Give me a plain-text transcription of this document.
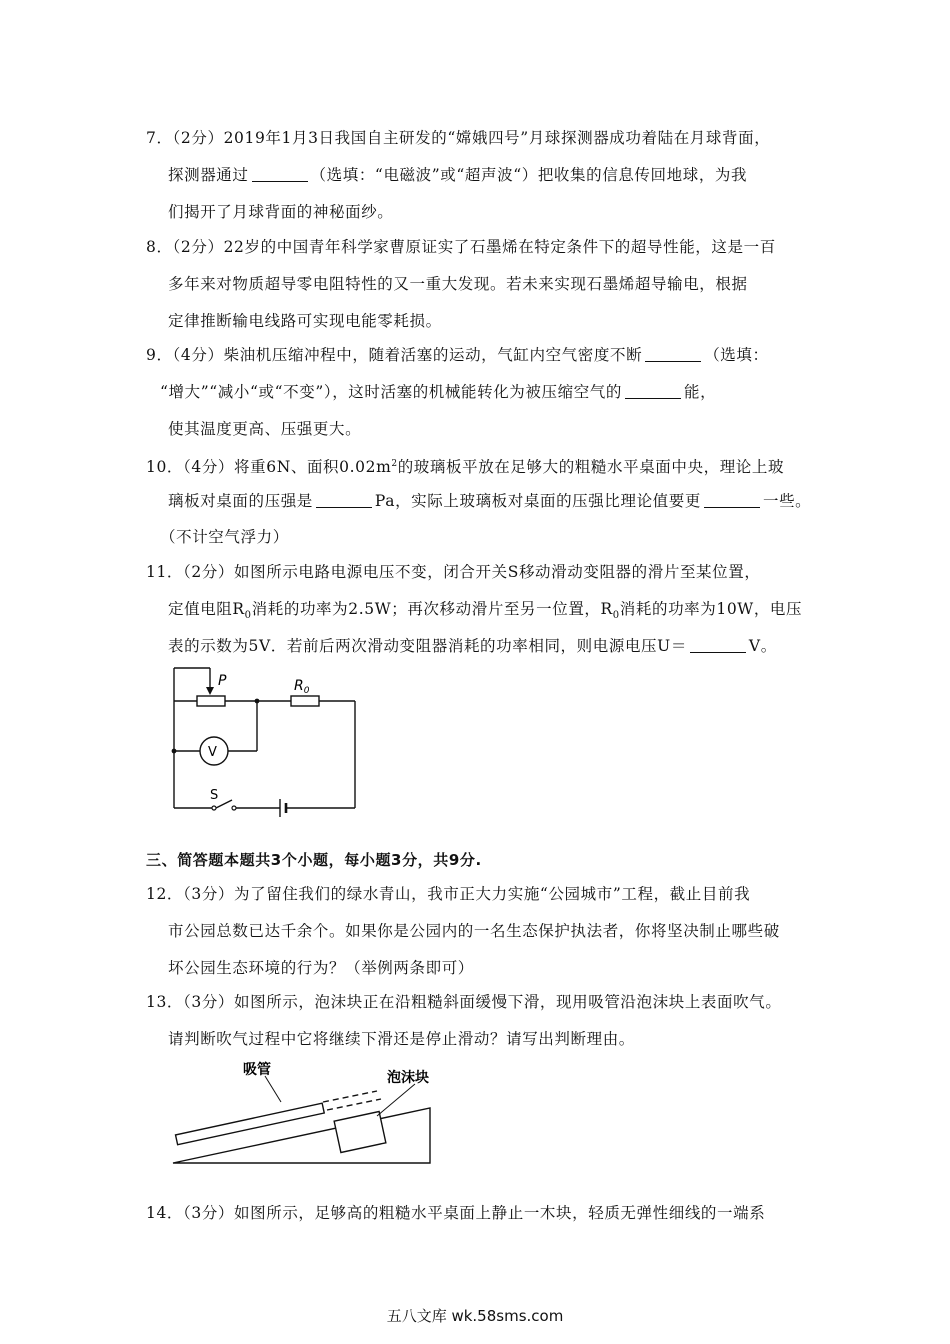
7．（2分）2019年1月3日我国自主研发的“嫦娥四号”月球探测器成功着陆在月球背面，
探测器通过	（选填：“电磁波”或“超声波“）把收集的信息传回地球，为我
们揭开了月球背面的神秘面纱。
8．（2分）22岁的中国青年科学家曹原证实了石墨烯在特定条件下的超导性能，这是一百
多年来对物质超导零电阻特性的又一重大发现。若未来实现石墨烯超导输电，根据
定律推断输电线路可实现电能零耗损。
9．（4分）柴油机压缩冲程中，随着活塞的运动，气缸内空气密度不断	（选填：
“增大”“减小“或“不变”），这时活塞的机械能转化为被压缩空气的	能，
使其温度更高、压强更大。
10．（4分）将重6N、面积$0.02m^2$的玻璃板平放在足够大的粗糙水平桌面中央，理论上玻
璃板对桌面的压强是	Pa，实际上玻璃板对桌面的压强比理论值要更	一些。
（不计空气浮力）
11．（2分）如图所示电路电源电压不变，闭合开关S移动滑动变阻器的滑片至某位置，
定值电阻$R_0$消耗的功率为2.5W；再次移动滑片至另一位置，$R_0$消耗的功率为10W，电压
表的示数为5V．若前后两次滑动变阻器消耗的功率相同，则电源电压U＝	V。
P	$R_0$
V
S
三、简答题本题共3个小题，每小题3分，共9分.
12．（3分）为了留住我们的绿水青山，我市正大力实施“公园城市”工程，截止目前我
市公园总数已达千余个。如果你是公园内的一名生态保护执法者，你将坚决制止哪些破
坏公园生态环境的行为？（举例两条即可）
13．（3分）如图所示，泡沫块正在沿粗糙斜面缓慢下滑，现用吸管沿泡沫块上表面吹气。
请判断吹气过程中它将继续下滑还是停止滑动？请写出判断理由。
吸管	泡沫块
14．（3分）如图所示，足够高的粗糙水平桌面上静止一木块，轻质无弹性细线的一端系
五八文库 wk.58sms.com
